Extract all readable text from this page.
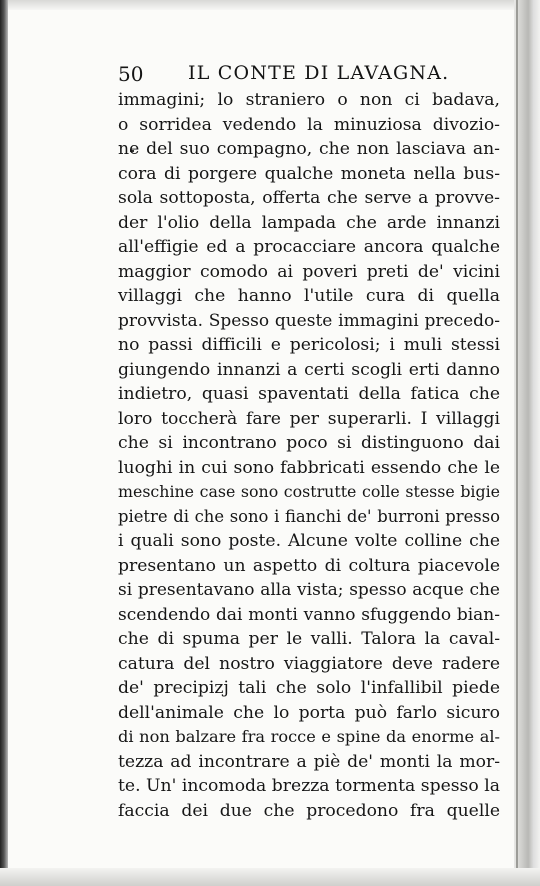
50 IL CONTE DI LAVAGNA.
immagini; lo straniero o non ci badava,
o sorridea vedendo la minuziosa divozio-
ne del suo compagno, che non lasciava an-
cora di porgere qualche moneta nella bus-
sola sottoposta, offerta che serve a provve-
der l'olio della lampada che arde innanzi
all'effigie ed a procacciare ancora qualche
maggior comodo ai poveri preti de' vicini
villaggi che hanno l'utile cura di quella
provvista. Spesso queste immagini precedo-
no passi difficili e pericolosi; i muli stessi
giungendo innanzi a certi scogli erti danno
indietro, quasi spaventati della fatica che
loro toccherà fare per superarli. I villaggi
che si incontrano poco si distinguono dai
luoghi in cui sono fabbricati essendo che le
meschine case sono costrutte colle stesse bigie
pietre di che sono i fianchi de' burroni presso
i quali sono poste. Alcune volte colline che
presentano un aspetto di coltura piacevole
si presentavano alla vista; spesso acque che
scendendo dai monti vanno sfuggendo bian-
che di spuma per le valli. Talora la caval-
catura del nostro viaggiatore deve radere
de' precipizj tali che solo l'infallibil piede
dell'animale che lo porta può farlo sicuro
di non balzare fra rocce e spine da enorme al-
tezza ad incontrare a piè de' monti la mor-
te. Un' incomoda brezza tormenta spesso la
faccia dei due che procedono fra quelle
